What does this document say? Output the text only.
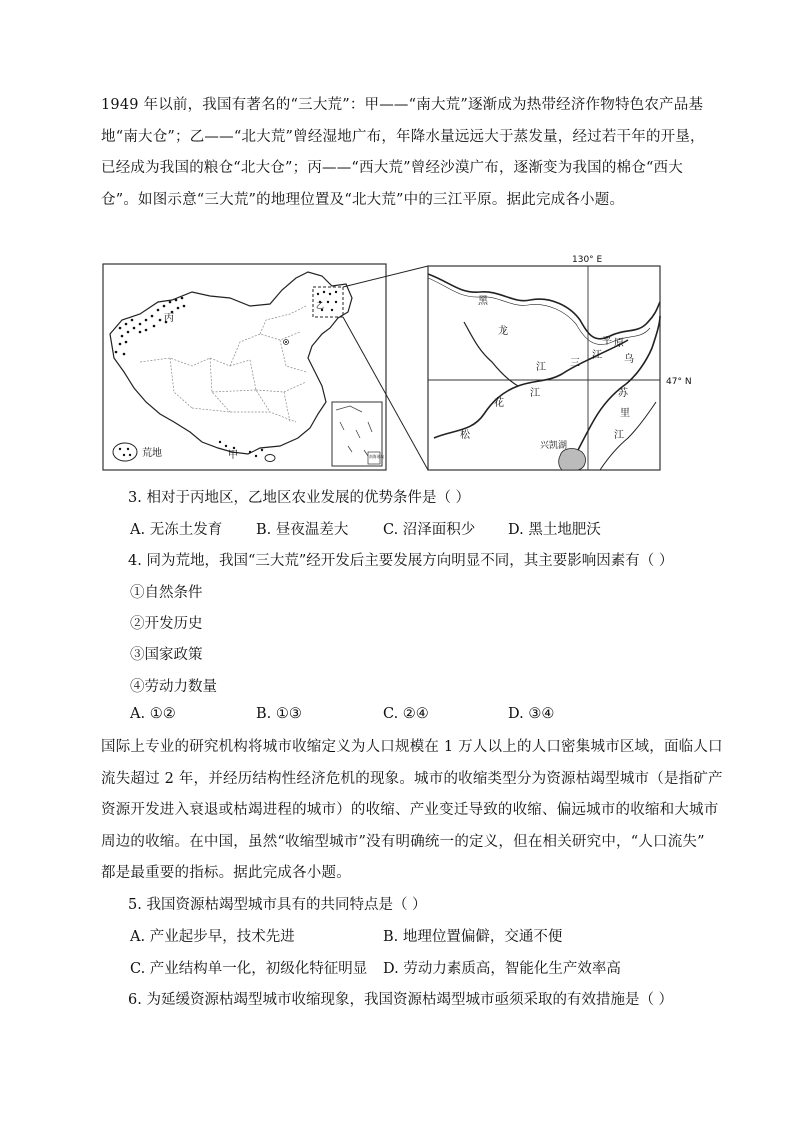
1949 年以前，我国有著名的“三大荒”：甲——“南大荒”逐渐成为热带经济作物特色农产品基
地“南大仓”；乙——“北大荒”曾经湿地广布，年降水量远远大于蒸发量，经过若干年的开垦，
已经成为我国的粮仓“北大仓”；丙——“西大荒”曾经沙漠广布，逐渐变为我国的棉仓“西大
仓”。如图示意“三大荒”的地理位置及“北大荒”中的三江平原。据此完成各小题。
丙
乙
甲	南海诸岛
荒地
130° E
47° N
黑
龙
江 三
江
平 原
乌
江
花
松
苏
里
江
兴凯湖

3. 相对于丙地区，乙地区农业发展的优势条件是（ ）

A. 无冻土发育 B. 昼夜温差大 C. 沼泽面积少 D. 黑土地肥沃

4. 同为荒地，我国“三大荒”经开发后主要发展方向明显不同，其主要影响因素有（ ）

①自然条件
②开发历史
③国家政策
④劳动力数量
A. ①②	B. ①③	C. ②④	D. ③④
国际上专业的研究机构将城市收缩定义为人口规模在 1 万人以上的人口密集城市区域，面临人口
流失超过 2 年，并经历结构性经济危机的现象。城市的收缩类型分为资源枯竭型城市（是指矿产
资源开发进入衰退或枯竭进程的城市）的收缩、产业变迁导致的收缩、偏远城市的收缩和大城市
周边的收缩。在中国，虽然“收缩型城市”没有明确统一的定义，但在相关研究中，“人口流失”
都是最重要的指标。据此完成各小题。

5. 我国资源枯竭型城市具有的共同特点是（ ）

A. 产业起步早，技术先进	B. 地理位置偏僻，交通不便
C. 产业结构单一化，初级化特征明显 D. 劳动力素质高，智能化生产效率高

6. 为延缓资源枯竭型城市收缩现象，我国资源枯竭型城市亟须采取的有效措施是（ ）
